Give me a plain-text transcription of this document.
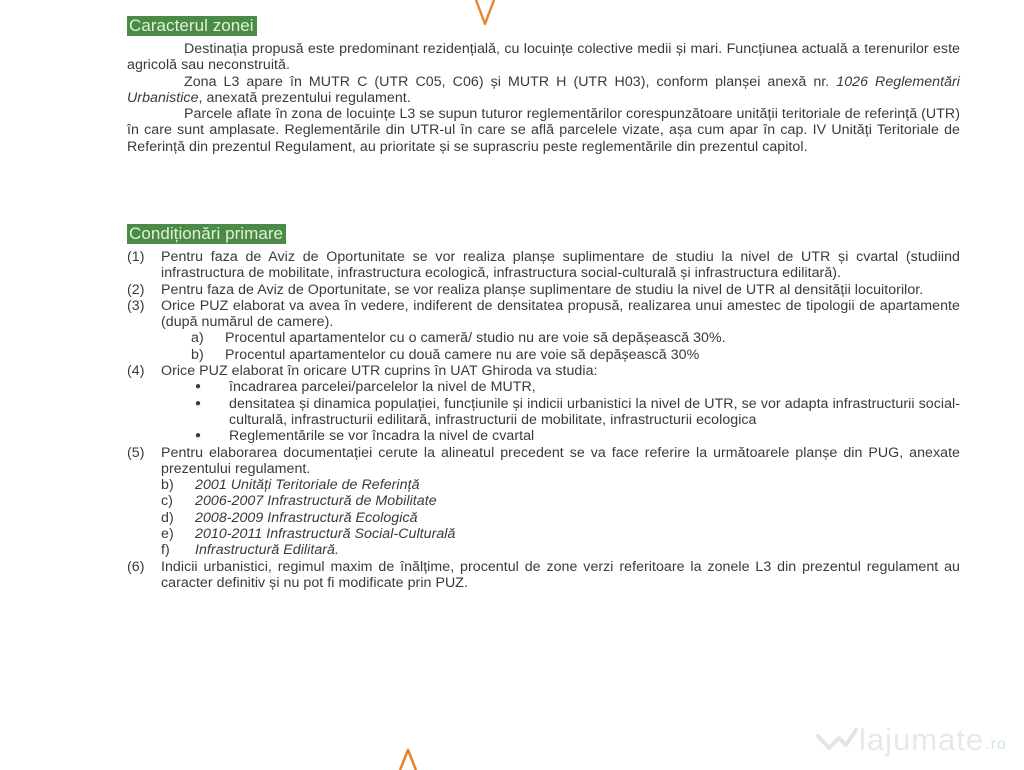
Caracterul zonei

Destinația propusă este predominant rezidențială, cu locuințe colective medii și mari. Funcțiunea actuală a terenurilor este agricolă sau neconstruită.

Zona L3 apare în MUTR C (UTR C05, C06) și MUTR H (UTR H03), conform planșei anexă nr. 1026 Reglementări Urbanistice, anexată prezentului regulament.

Parcele aflate în zona de locuințe L3 se supun tuturor reglementărilor corespunzătoare unității teritoriale de referință (UTR) în care sunt amplasate. Reglementările din UTR-ul în care se află parcelele vizate, așa cum apar în cap. IV Unități Teritoriale de Referință din prezentul Regulament, au prioritate și se suprascriu peste reglementările din prezentul capitol.

Condiționări primare
(1)	Pentru faza de Aviz de Oportunitate se vor realiza planșe suplimentare de studiu la nivel de UTR și cvartal (studiind infrastructura de mobilitate, infrastructura ecologică, infrastructura social-culturală și infrastructura edilitară).
(2)	Pentru faza de Aviz de Oportunitate, se vor realiza planșe suplimentare de studiu la nivel de UTR al densității locuitorilor.
(3)	Orice PUZ elaborat va avea în vedere, indiferent de densitatea propusă, realizarea unui amestec de tipologii de apartamente (după numărul de camere).
a)	Procentul apartamentelor cu o cameră/ studio nu are voie să depășească 30%.
b)	Procentul apartamentelor cu două camere nu are voie să depășească 30%
(4)	Orice PUZ elaborat în oricare UTR cuprins în UAT Ghiroda va studia:
●	încadrarea parcelei/parcelelor la nivel de MUTR,
●	densitatea și dinamica populației, funcțiunile și indicii urbanistici la nivel de UTR, se vor adapta infrastructurii social-culturală, infrastructurii edilitară, infrastructurii de mobilitate, infrastructurii ecologica
●	Reglementările se vor încadra la nivel de cvartal
(5)	Pentru elaborarea documentației cerute la alineatul precedent se va face referire la următoarele planșe din PUG, anexate prezentului regulament.
b)	2001 Unități Teritoriale de Referință
c)	2006-2007 Infrastructură de Mobilitate
d)	2008-2009 Infrastructură Ecologică
e)	2010-2011 Infrastructură Social-Culturală
f)	Infrastructură Edilitară.
(6)	Indicii urbanistici, regimul maxim de înălțime, procentul de zone verzi referitoare la zonele L3 din prezentul regulament au caracter definitiv și nu pot fi modificate prin PUZ.
lajumate .ro
